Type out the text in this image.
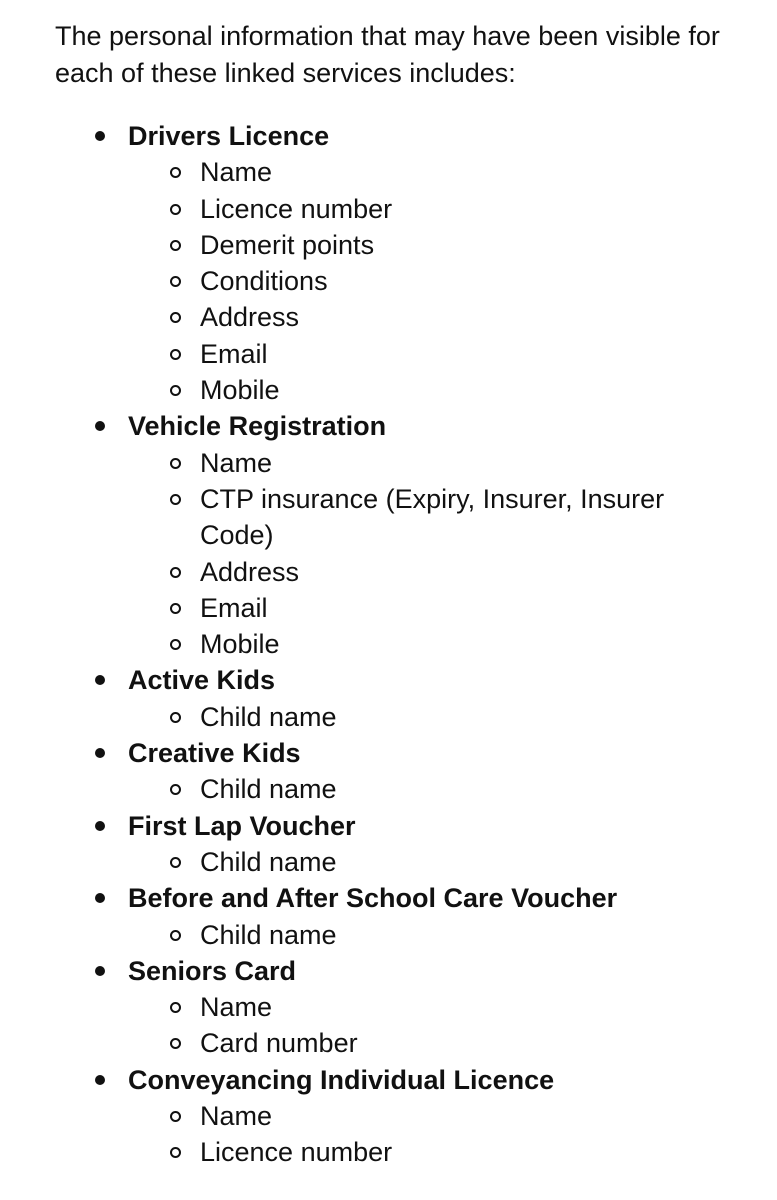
The personal information that may have been visible for each of these linked services includes:

Drivers Licence
Name
Licence number
Demerit points
Conditions
Address
Email
Mobile
Vehicle Registration
Name
CTP insurance (Expiry, Insurer, Insurer Code)
Address
Email
Mobile
Active Kids
Child name
Creative Kids
Child name
First Lap Voucher
Child name
Before and After School Care Voucher
Child name
Seniors Card
Name
Card number
Conveyancing Individual Licence
Name
Licence number
